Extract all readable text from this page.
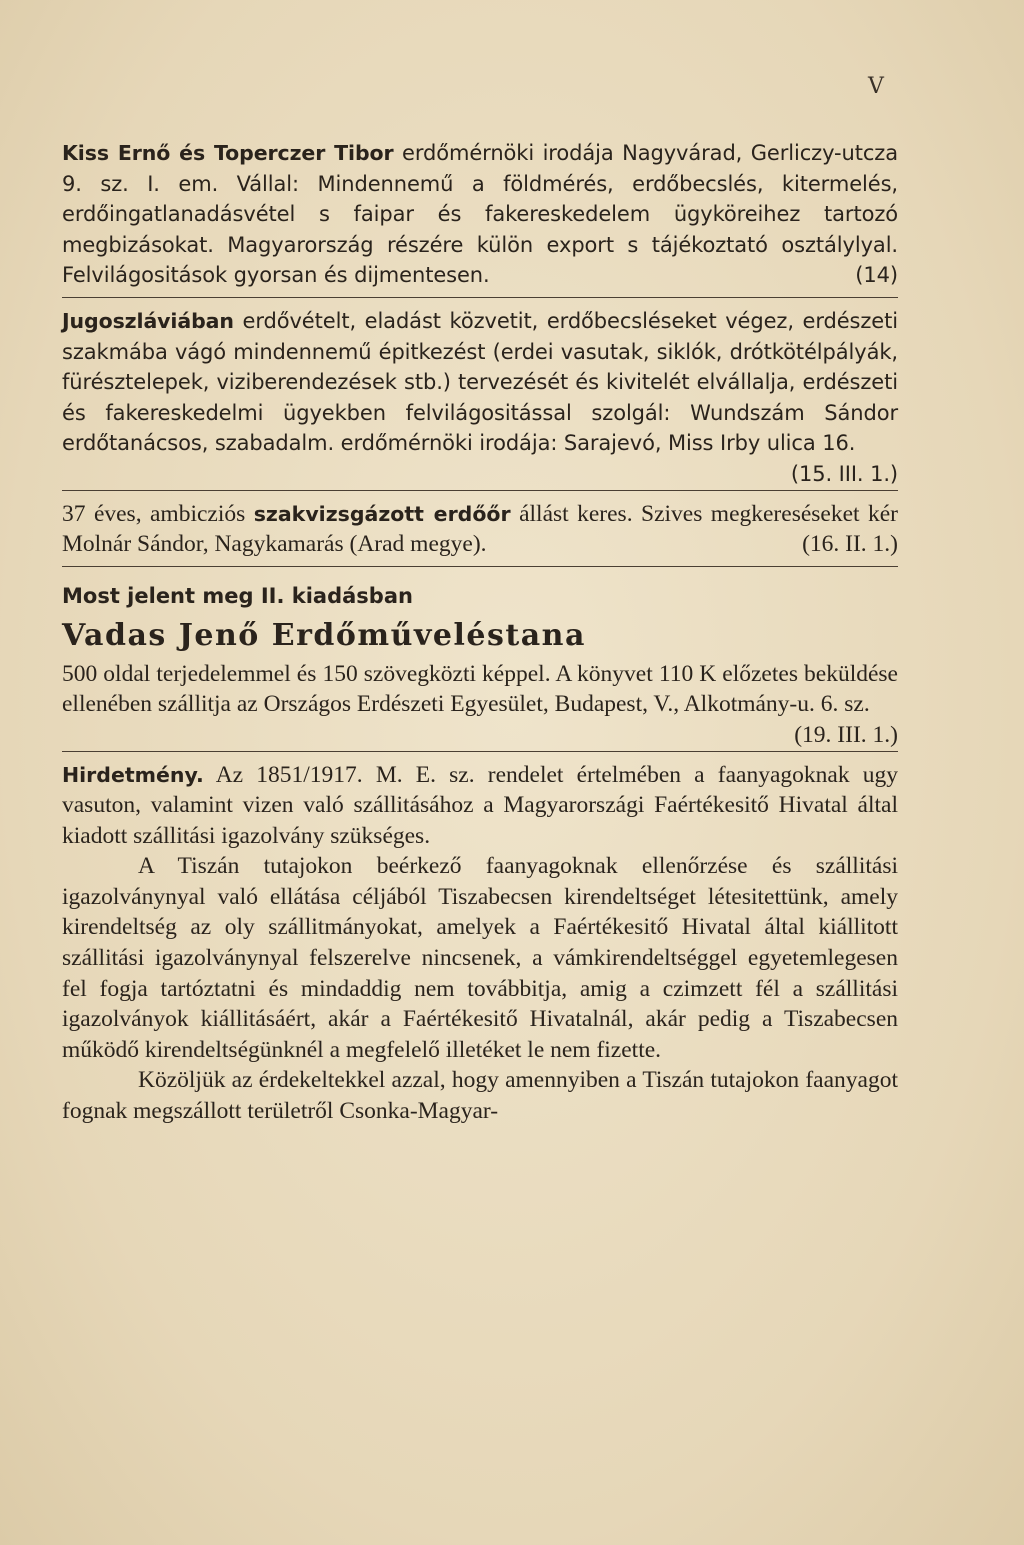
V

Kiss Ernő és Toperczer Tibor erdőmérnöki irodája Nagyvárad, Gerliczy-utcza 9. sz. I. em. Vállal: Mindennemű a földmérés, erdőbecslés, kitermelés, erdőingatlanadásvétel s faipar és fakereskedelem ügyköreihez tartozó megbizásokat. Magyarország részére külön export s tájékoztató osztálylyal. Felvilágositások gyorsan és dijmentesen.	(14)

Jugoszláviában erdővételt, eladást közvetit, erdőbecsléseket végez, erdészeti szakmába vágó mindennemű épitkezést (erdei vasutak, siklók, drótkötélpályák, fürésztelepek, viziberendezések stb.) tervezését és kivitelét elvállalja, erdészeti és fakereskedelmi ügyekben felvilágositással szolgál: Wundszám Sándor erdőtanácsos, szabadalm. erdőmérnöki irodája: Sarajevó, Miss Irby ulica 16.
(15. III. 1.)

37 éves, ambicziós szakvizsgázott erdőőr állást keres. Szives megkereséseket kér Molnár Sándor, Nagykamarás (Arad megye).	(16. II. 1.)

Most jelent meg II. kiadásban
Vadas Jenő Erdőműveléstana

500 oldal terjedelemmel és 150 szövegközti képpel. A könyvet 110 K előzetes beküldése ellenében szállitja az Országos Erdészeti Egyesület, Budapest, V., Alkotmány-u. 6. sz.
(19. III. 1.)

Hirdetmény. Az 1851/1917. M. E. sz. rendelet értelmében a faanyagoknak ugy vasuton, valamint vizen való szállitásához a Magyarországi Faértékesitő Hivatal által kiadott szállitási igazolvány szükséges.

A Tiszán tutajokon beérkező faanyagoknak ellenőrzése és szállitási igazolványnyal való ellátása céljából Tiszabecsen kirendeltséget létesitettünk, amely kirendeltség az oly szállitmányokat, amelyek a Faértékesitő Hivatal által kiállitott szállitási igazolványnyal felszerelve nincsenek, a vámkirendeltséggel egyetemlegesen fel fogja tartóztatni és mindaddig nem továbbitja, amig a czimzett fél a szállitási igazolványok kiállitásáért, akár a Faértékesitő Hivatalnál, akár pedig a Tiszabecsen működő kirendeltségünknél a megfelelő illetéket le nem fizette.

Közöljük az érdekeltekkel azzal, hogy amennyiben a Tiszán tutajokon faanyagot fognak megszállott területről Csonka-Magyar-
